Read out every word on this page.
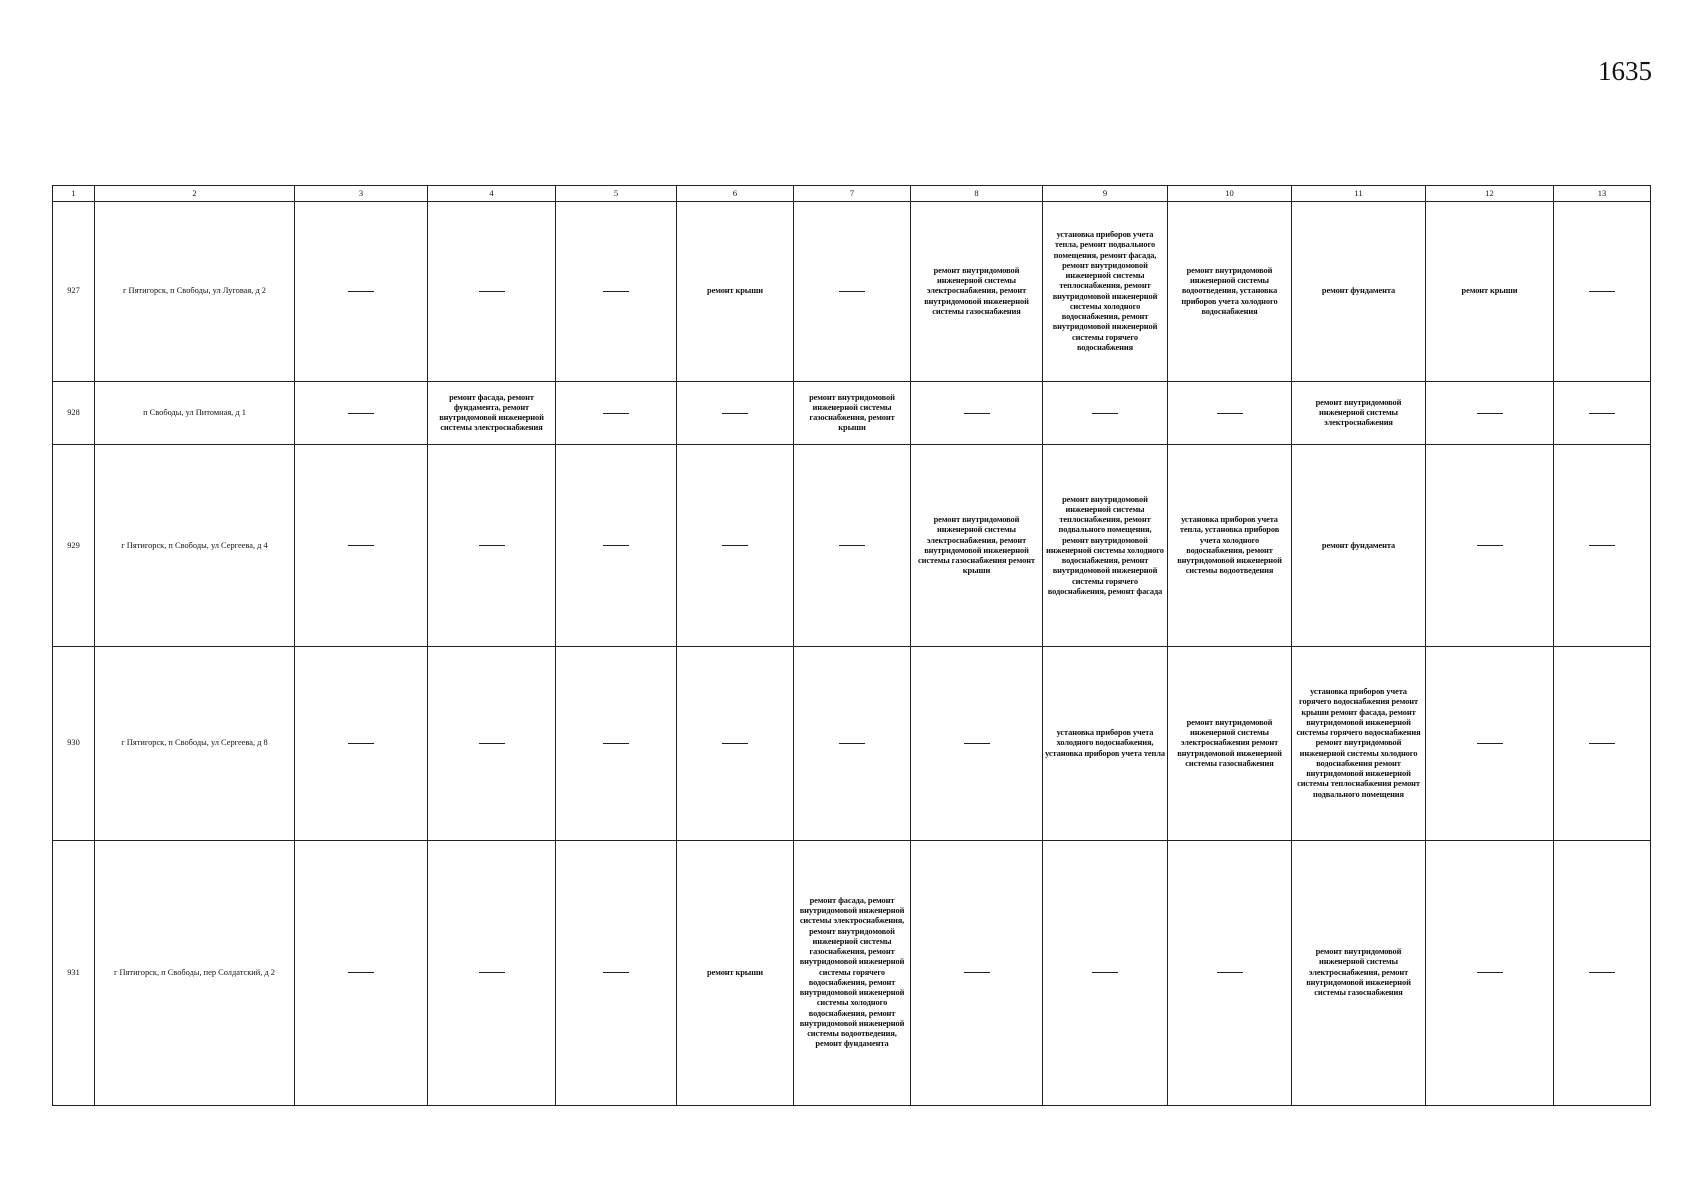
1635
1	2	3	4	5	6	7	8	9	10	11	12	13
927	г Пятигорск, п Свободы, ул Луговая, д 2				ремонт крыши		ремонт внутридомовой инженерной системы электроснабжения, ремонт внутридомовой инженерной системы газоснабжения	установка приборов учета тепла, ремонт подвального помещения, ремонт фасада, ремонт внутридомовой инженерной системы теплоснабжения, ремонт внутридомовой инженерной системы холодного водоснабжения, ремонт внутридомовой инженерной системы горячего водоснабжения	ремонт внутридомовой инженерной системы водоотведения, установка приборов учета холодного водоснабжения	ремонт фундамента	ремонт крыши	
928	п Свободы, ул Питомная, д 1		ремонт фасада, ремонт фундамента, ремонт внутридомовой инженерной системы электроснабжения			ремонт внутридомовой инженерной системы газоснабжения, ремонт крыши				ремонт внутридомовой инженерной системы электроснабжения		
929	г Пятигорск, п Свободы, ул Сергеева, д 4						ремонт внутридомовой инженерной системы электроснабжения, ремонт внутридомовой инженерной системы газоснабжения ремонт крыши	ремонт внутридомовой инженерной системы теплоснабжения, ремонт подвального помещения, ремонт внутридомовой инженерной системы холодного водоснабжения, ремонт внутридомовой инженерной системы горячего водоснабжения, ремонт фасада	установка приборов учета тепла, установка приборов учета холодного водоснабжения, ремонт внутридомовой инженерной системы водоотведения	ремонт фундамента		
930	г Пятигорск, п Свободы, ул Сергеева, д 8							установка приборов учета холодного водоснабжения, установка приборов учета тепла	ремонт внутридомовой инженерной системы электроснабжения ремонт внутридомовой инженерной системы газоснабжения	установка приборов учета горячего водоснабжения ремонт крыши ремонт фасада, ремонт внутридомовой инженерной системы горячего водоснабжения ремонт внутридомовой инженерной системы холодного водоснабжения ремонт внутридомовой инженерной системы теплоснабжения ремонт подвального помещения		
931	г Пятигорск, п Свободы, пер Солдатский, д 2				ремонт крыши	ремонт фасада, ремонт внутридомовой инженерной системы электроснабжения, ремонт внутридомовой инженерной системы газоснабжения, ремонт внутридомовой инженерной системы горячего водоснабжения, ремонт внутридомовой инженерной системы холодного водоснабжения, ремонт внутридомовой инженерной системы водоотведения, ремонт фундамента				ремонт внутридомовой инженерной системы электроснабжения, ремонт внутридомовой инженерной системы газоснабжения		
